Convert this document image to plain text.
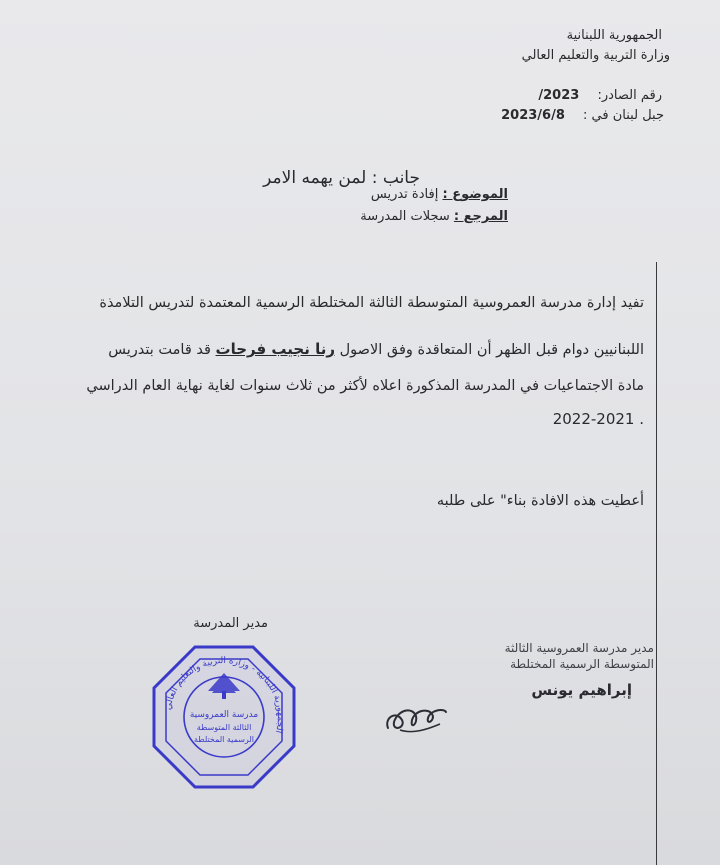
الجمهورية اللبنانية
وزارة التربية والتعليم العالي
رقم الصادر: 2023/
جبل لبنان في : 2023/6/8
جانب : لمن يهمه الامر
الموضوع : إفادة تدريس
المرجع : سجلات المدرسة
تفيد إدارة مدرسة العمروسية المتوسطة الثالثة المختلطة الرسمية المعتمدة لتدريس التلامذة
اللبنانيين دوام قبل الظهر أن المتعاقدة وفق الاصول رنا نجيب فرحات قد قامت بتدريس
مادة الاجتماعيات في المدرسة المذكورة اعلاه لأكثر من ثلاث سنوات لغاية نهاية العام الدراسي
2022-2021 .
أعطيت هذه الافادة بناء" على طلبه
مدير المدرسة
مدير مدرسة العمروسية الثالثة
المتوسطة الرسمية المختلطة
إبراهيم يونس
مدرسة العمروسية
الثالثة المتوسطة
الرسمية المختلطة
الجمهورية اللبنانية - وزارة التربية والتعليم العالي
